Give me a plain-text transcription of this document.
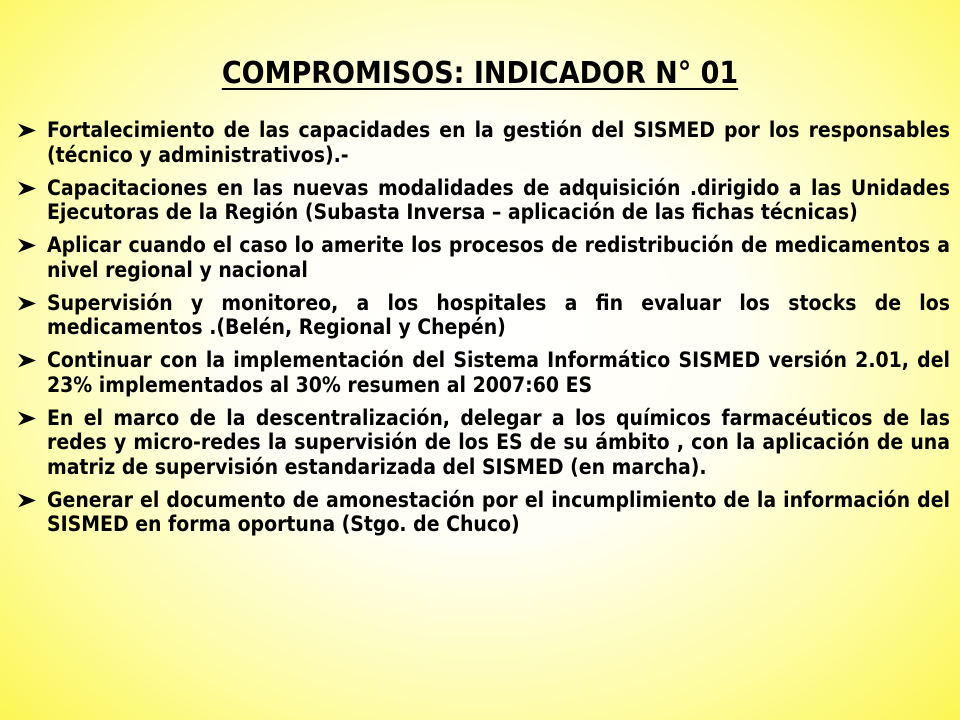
COMPROMISOS: INDICADOR N° 01
Fortalecimiento de las capacidades en la gestión del SISMED por los responsables (técnico y administrativos).-
Capacitaciones en las nuevas modalidades de adquisición .dirigido a las Unidades Ejecutoras de la Región (Subasta Inversa – aplicación de las fichas técnicas)
Aplicar cuando el caso lo amerite los procesos de redistribución de medicamentos a nivel regional y nacional
Supervisión y monitoreo, a los hospitales a fin evaluar los stocks de los medicamentos .(Belén, Regional y Chepén)
Continuar con la implementación del Sistema Informático SISMED versión 2.01, del 23% implementados al 30% resumen al 2007:60 ES
En el marco de la descentralización, delegar a los químicos farmacéuticos de las redes y micro-redes la supervisión de los ES de su ámbito , con la aplicación de una matriz de supervisión estandarizada del SISMED (en marcha).
Generar el documento de amonestación por el incumplimiento de la información del SISMED en forma oportuna (Stgo. de Chuco)
